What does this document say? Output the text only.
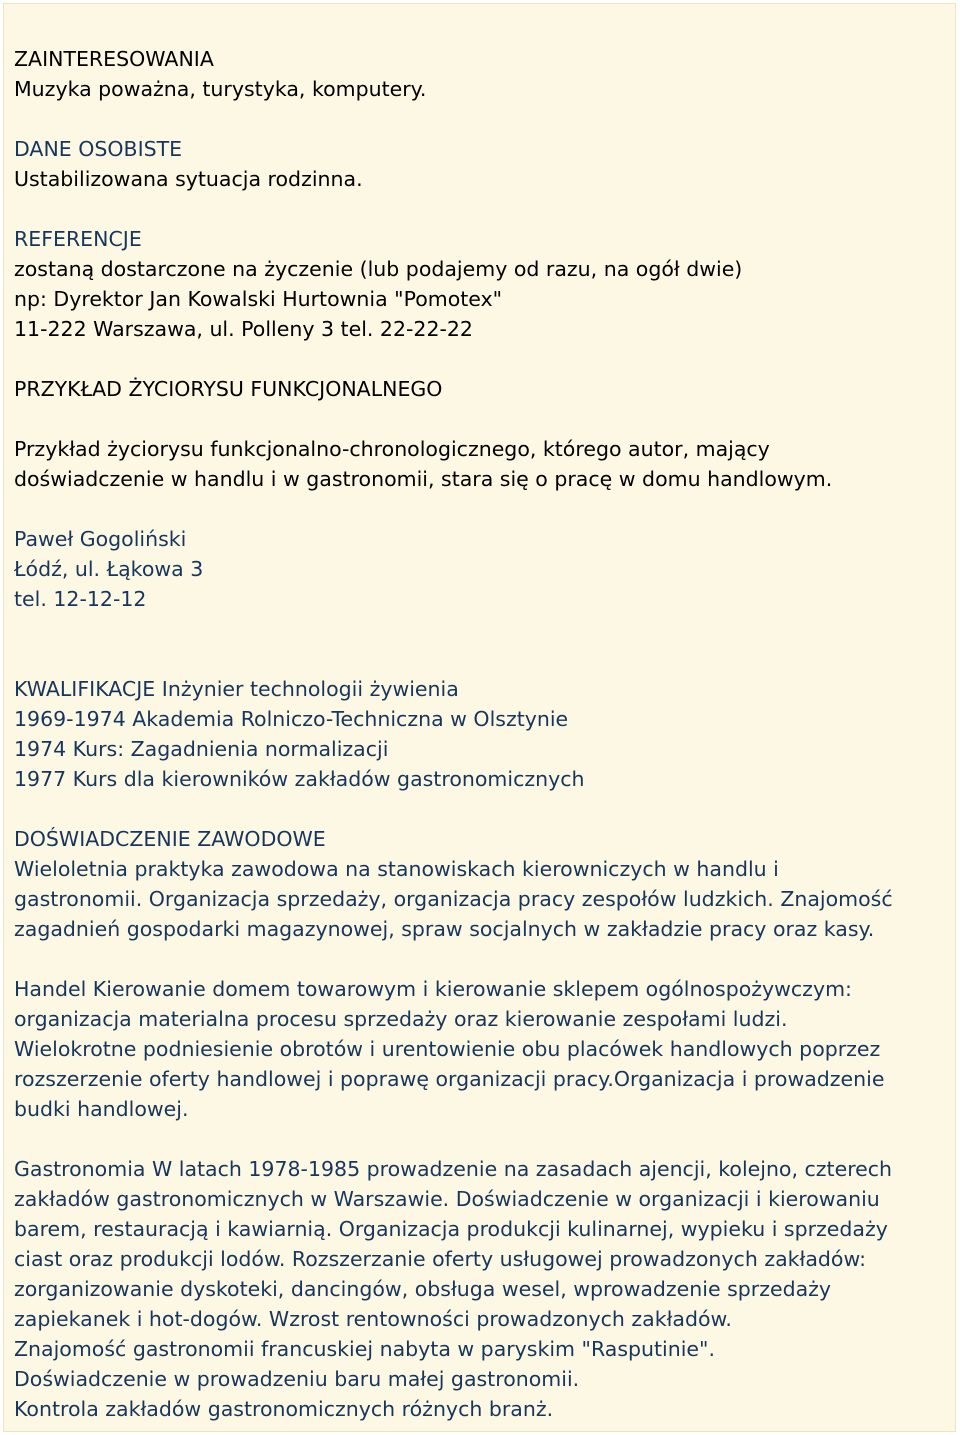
ZAINTERESOWANIA
Muzyka poważna, turystyka, komputery.
DANE OSOBISTE
Ustabilizowana sytuacja rodzinna.
REFERENCJE
zostaną dostarczone na życzenie (lub podajemy od razu, na ogół dwie)
np: Dyrektor Jan Kowalski Hurtownia "Pomotex"
11-222 Warszawa, ul. Polleny 3 tel. 22-22-22
PRZYKŁAD ŻYCIORYSU FUNKCJONALNEGO
Przykład życiorysu funkcjonalno-chronologicznego, którego autor, mający
doświadczenie w handlu i w gastronomii, stara się o pracę w domu handlowym.
Paweł Gogoliński
Łódź, ul. Łąkowa 3
tel. 12-12-12
KWALIFIKACJE Inżynier technologii żywienia
1969-1974 Akademia Rolniczo-Techniczna w Olsztynie
1974 Kurs: Zagadnienia normalizacji
1977 Kurs dla kierowników zakładów gastronomicznych
DOŚWIADCZENIE ZAWODOWE
Wieloletnia praktyka zawodowa na stanowiskach kierowniczych w handlu i
gastronomii. Organizacja sprzedaży, organizacja pracy zespołów ludzkich. Znajomość
zagadnień gospodarki magazynowej, spraw socjalnych w zakładzie pracy oraz kasy.
Handel Kierowanie domem towarowym i kierowanie sklepem ogólnospożywczym:
organizacja materialna procesu sprzedaży oraz kierowanie zespołami ludzi.
Wielokrotne podniesienie obrotów i urentowienie obu placówek handlowych poprzez
rozszerzenie oferty handlowej i poprawę organizacji pracy.Organizacja i prowadzenie
budki handlowej.
Gastronomia W latach 1978-1985 prowadzenie na zasadach ajencji, kolejno, czterech
zakładów gastronomicznych w Warszawie. Doświadczenie w organizacji i kierowaniu
barem, restauracją i kawiarnią. Organizacja produkcji kulinarnej, wypieku i sprzedaży
ciast oraz produkcji lodów. Rozszerzanie oferty usługowej prowadzonych zakładów:
zorganizowanie dyskoteki, dancingów, obsługa wesel, wprowadzenie sprzedaży
zapiekanek i hot-dogów. Wzrost rentowności prowadzonych zakładów.
Znajomość gastronomii francuskiej nabyta w paryskim "Rasputinie".
Doświadczenie w prowadzeniu baru małej gastronomii.
Kontrola zakładów gastronomicznych różnych branż.
